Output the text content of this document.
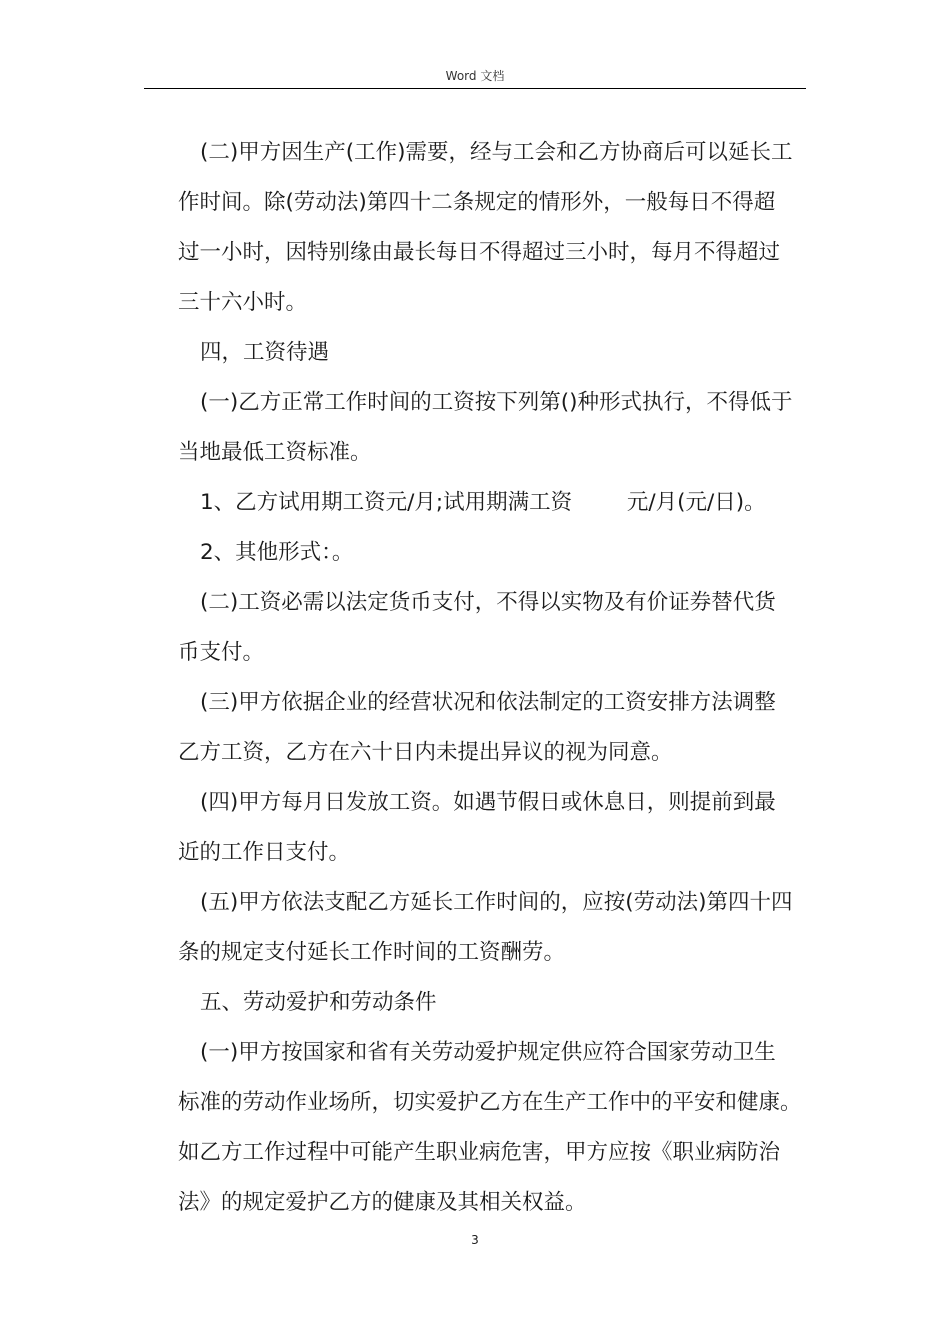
Word 文档
(二)甲方因生产(工作)需要，经与工会和乙方协商后可以延长工
作时间。除(劳动法)第四十二条规定的情形外，一般每日不得超
过一小时，因特别缘由最长每日不得超过三小时，每月不得超过
三十六小时。
四，工资待遇
(一)乙方正常工作时间的工资按下列第()种形式执行，不得低于
当地最低工资标准。
1、乙方试用期工资元/月;试用期满工资        元/月(元/日)。
2、其他形式：。
(二)工资必需以法定货币支付，不得以实物及有价证券替代货
币支付。
(三)甲方依据企业的经营状况和依法制定的工资安排方法调整
乙方工资，乙方在六十日内未提出异议的视为同意。
(四)甲方每月日发放工资。如遇节假日或休息日，则提前到最
近的工作日支付。
(五)甲方依法支配乙方延长工作时间的，应按(劳动法)第四十四
条的规定支付延长工作时间的工资酬劳。
五、劳动爱护和劳动条件
(一)甲方按国家和省有关劳动爱护规定供应符合国家劳动卫生
标准的劳动作业场所，切实爱护乙方在生产工作中的平安和健康。
如乙方工作过程中可能产生职业病危害，甲方应按《职业病防治
法》的规定爱护乙方的健康及其相关权益。
3
